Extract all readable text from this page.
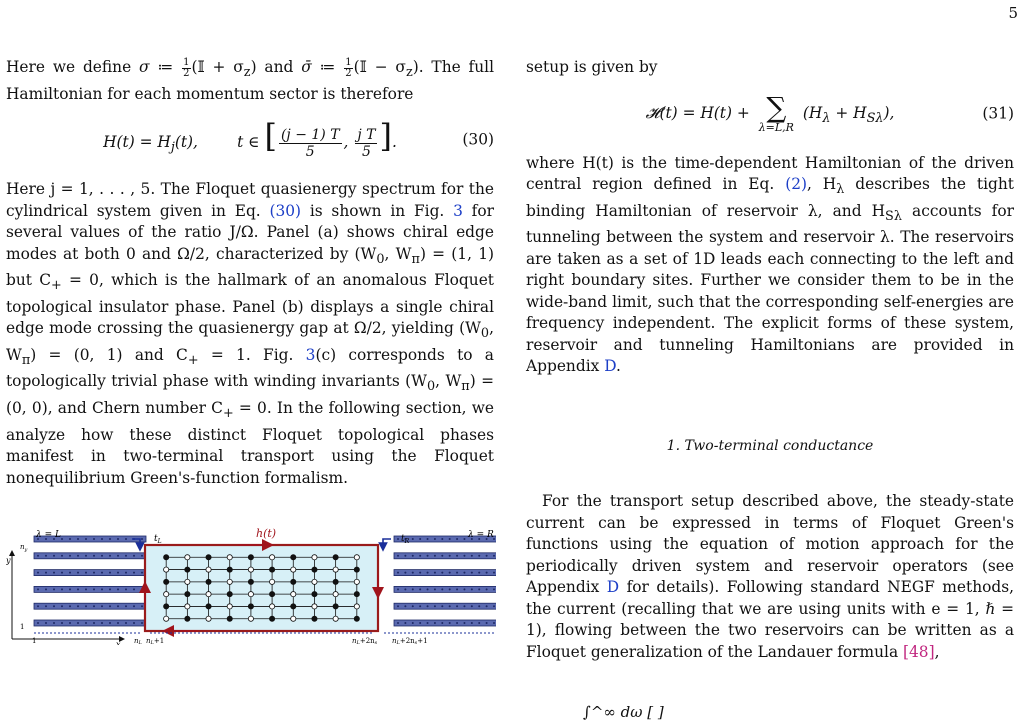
5

Here we define σ ≔ $\frac{1}{2}$ (𝕀 + $\sigma_z$) and σ̄ ≔ $\frac{1}{2}$ (𝕀 − $\sigma_z$). The full Hamiltonian for each momentum sector is therefore

$H(t) = H_j(t)$,	t ∈ [ $\frac{(j - 1) T}{5}$ , $\frac{\text{j T}}{5}$ ].	(30)

Here j = 1, . . . , 5. The Floquet quasienergy spectrum for the cylindrical system given in Eq. (30) is shown in Fig. 3 for several values of the ratio J/Ω. Panel (a) shows chiral edge modes at both 0 and Ω/2, characterized by ($W_0$, $W_\pi) = (1$, 1) but $C_+ = 0$, which is the hallmark of an anomalous Floquet topological insulator phase. Panel (b) displays a single chiral edge mode crossing the quasienergy gap at Ω/2, yielding ($W_0$, $W_\pi) = (0$, 1) and $C_+ = 1$. Fig. 3(c) corresponds to a topologically trivial phase with winding invariants ($W_0$, $W_\pi) = (0$, 0), and Chern number $C_+ = 0$. In the following section, we analyze how these distinct Floquet topological phases manifest in two-terminal transport using the Floquet nonequilibrium Green's-function formalism.

λ = L	λ = R
h(t)
$t_L$	$t_R$
$n_y$
y
x
1
1	nL nL+1	nL+2ns nL+2ns+1

setup is given by

𝓗(t) = H(t) + ∑
λ=L,R
$(H_\lambda + H_{S\lambda})$,	(31)

where H(t) is the time-dependent Hamiltonian of the driven central region defined in Eq. (2), $H_\lambda$ describes the tight binding Hamiltonian of reservoir λ, and $H_{S\lambda}$ accounts for tunneling between the system and reservoir λ. The reservoirs are taken as a set of 1D leads each connecting to the left and right boundary sites. Further we consider them to be in the wide-band limit, such that the corresponding self-energies are frequency independent. The explicit forms of these system, reservoir and tunneling Hamiltonians are provided in Appendix D.

1. Two-terminal conductance

For the transport setup described above, the steady-state current can be expressed in terms of Floquet Green's functions using the equation of motion approach for the periodically driven system and reservoir operators (see Appendix D for details). Following standard NEGF methods, the current (recalling that we are using units with e = 1, ℏ = 1), flowing between the two reservoirs can be written as a Floquet generalization of the Landauer formula [48],

∫^∞ dω [ ]
